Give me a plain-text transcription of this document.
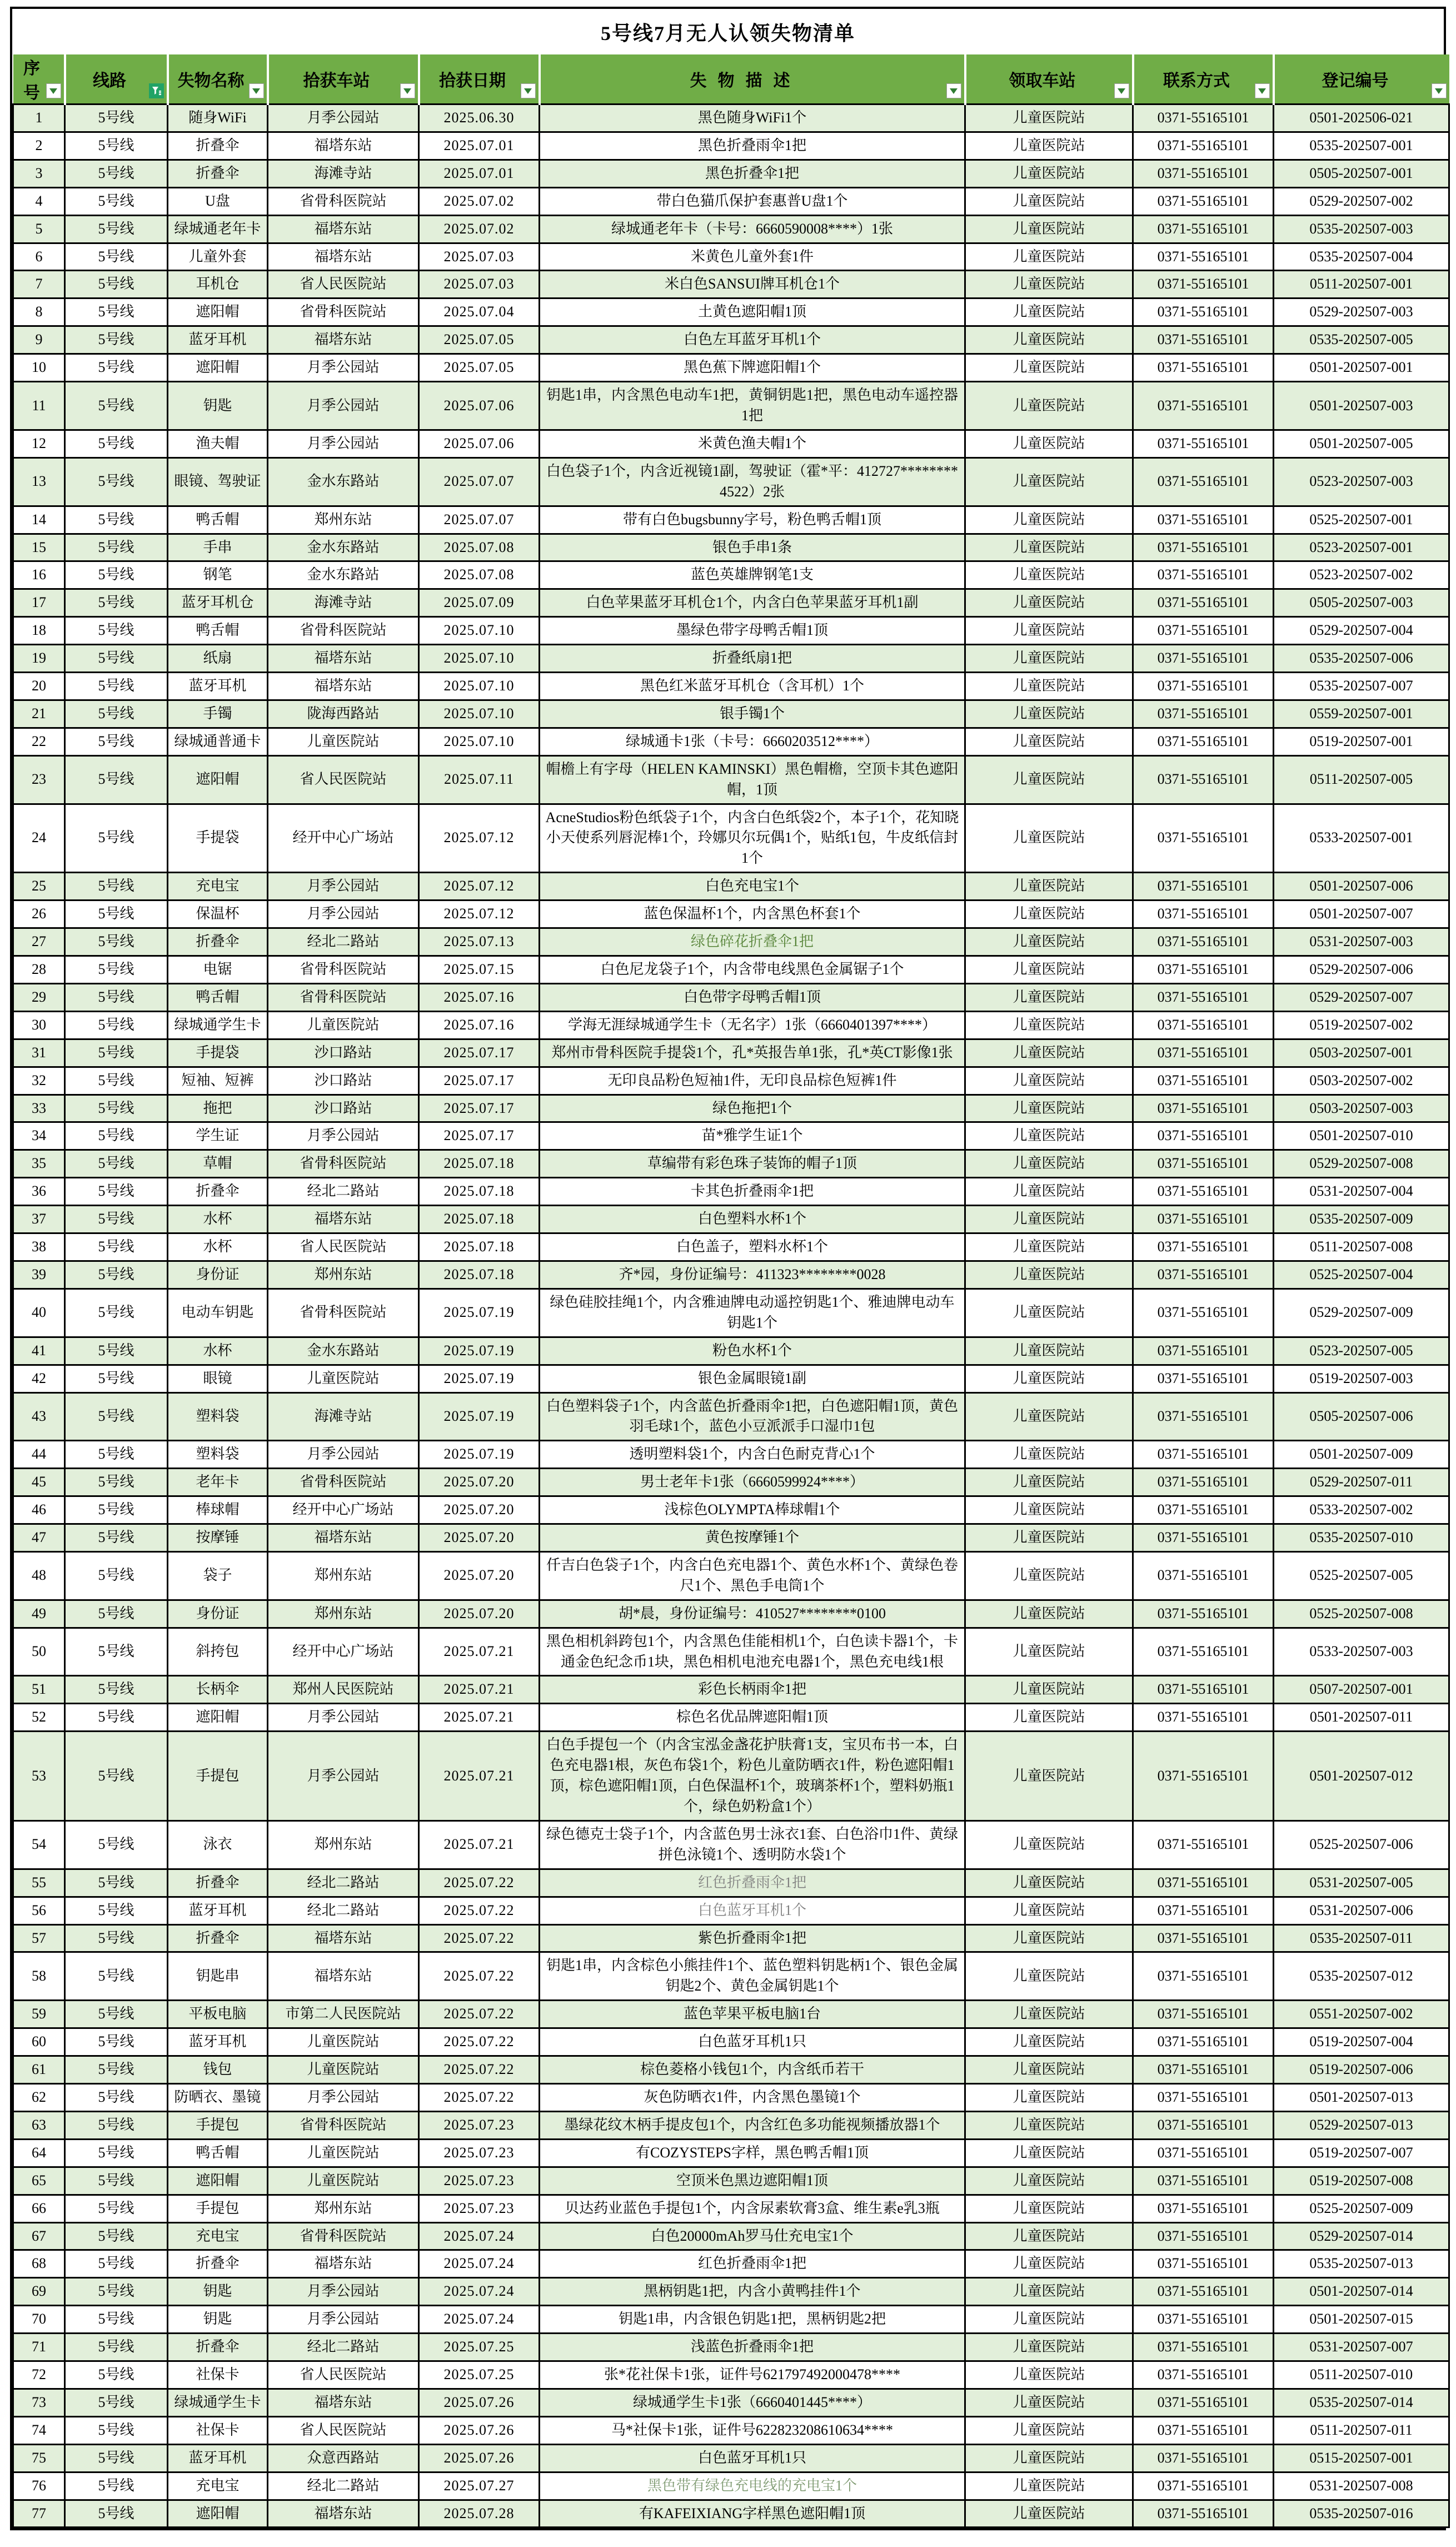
5号线7月无人认领失物清单
序号	线路	失物名称	拾获车站	拾获日期	失物描述	领取车站	联系方式	登记编号

1	5号线	随身WiFi	月季公园站	2025.06.30	黑色随身WiFi1个	儿童医院站	0371-55165101	0501-202506-021
2	5号线	折叠伞	福塔东站	2025.07.01	黑色折叠雨伞1把	儿童医院站	0371-55165101	0535-202507-001
3	5号线	折叠伞	海滩寺站	2025.07.01	黑色折叠伞1把	儿童医院站	0371-55165101	0505-202507-001
4	5号线	U盘	省骨科医院站	2025.07.02	带白色猫爪保护套惠普U盘1个	儿童医院站	0371-55165101	0529-202507-002
5	5号线	绿城通老年卡	福塔东站	2025.07.02	绿城通老年卡（卡号：6660590008****）1张	儿童医院站	0371-55165101	0535-202507-003
6	5号线	儿童外套	福塔东站	2025.07.03	米黄色儿童外套1件	儿童医院站	0371-55165101	0535-202507-004
7	5号线	耳机仓	省人民医院站	2025.07.03	米白色SANSUI牌耳机仓1个	儿童医院站	0371-55165101	0511-202507-001
8	5号线	遮阳帽	省骨科医院站	2025.07.04	土黄色遮阳帽1顶	儿童医院站	0371-55165101	0529-202507-003
9	5号线	蓝牙耳机	福塔东站	2025.07.05	白色左耳蓝牙耳机1个	儿童医院站	0371-55165101	0535-202507-005
10	5号线	遮阳帽	月季公园站	2025.07.05	黑色蕉下牌遮阳帽1个	儿童医院站	0371-55165101	0501-202507-001
11	5号线	钥匙	月季公园站	2025.07.06	钥匙1串，内含黑色电动车1把，黄铜钥匙1把，黑色电动车遥控器1把	儿童医院站	0371-55165101	0501-202507-003
12	5号线	渔夫帽	月季公园站	2025.07.06	米黄色渔夫帽1个	儿童医院站	0371-55165101	0501-202507-005
13	5号线	眼镜、驾驶证	金水东路站	2025.07.07	白色袋子1个，内含近视镜1副，驾驶证（霍*平：412727********4522）2张	儿童医院站	0371-55165101	0523-202507-003
14	5号线	鸭舌帽	郑州东站	2025.07.07	带有白色bugsbunny字号，粉色鸭舌帽1顶	儿童医院站	0371-55165101	0525-202507-001
15	5号线	手串	金水东路站	2025.07.08	银色手串1条	儿童医院站	0371-55165101	0523-202507-001
16	5号线	钢笔	金水东路站	2025.07.08	蓝色英雄牌钢笔1支	儿童医院站	0371-55165101	0523-202507-002
17	5号线	蓝牙耳机仓	海滩寺站	2025.07.09	白色苹果蓝牙耳机仓1个，内含白色苹果蓝牙耳机1副	儿童医院站	0371-55165101	0505-202507-003
18	5号线	鸭舌帽	省骨科医院站	2025.07.10	墨绿色带字母鸭舌帽1顶	儿童医院站	0371-55165101	0529-202507-004
19	5号线	纸扇	福塔东站	2025.07.10	折叠纸扇1把	儿童医院站	0371-55165101	0535-202507-006
20	5号线	蓝牙耳机	福塔东站	2025.07.10	黑色红米蓝牙耳机仓（含耳机）1个	儿童医院站	0371-55165101	0535-202507-007
21	5号线	手镯	陇海西路站	2025.07.10	银手镯1个	儿童医院站	0371-55165101	0559-202507-001
22	5号线	绿城通普通卡	儿童医院站	2025.07.10	绿城通卡1张（卡号：6660203512****）	儿童医院站	0371-55165101	0519-202507-001
23	5号线	遮阳帽	省人民医院站	2025.07.11	帽檐上有字母（HELEN KAMINSKI）黑色帽檐，空顶卡其色遮阳帽，1顶	儿童医院站	0371-55165101	0511-202507-005
24	5号线	手提袋	经开中心广场站	2025.07.12	AcneStudios粉色纸袋子1个，内含白色纸袋2个，本子1个，花知晓小天使系列唇泥棒1个，玲娜贝尔玩偶1个，贴纸1包，牛皮纸信封1个	儿童医院站	0371-55165101	0533-202507-001
25	5号线	充电宝	月季公园站	2025.07.12	白色充电宝1个	儿童医院站	0371-55165101	0501-202507-006
26	5号线	保温杯	月季公园站	2025.07.12	蓝色保温杯1个，内含黑色杯套1个	儿童医院站	0371-55165101	0501-202507-007
27	5号线	折叠伞	经北二路站	2025.07.13	绿色碎花折叠伞1把	儿童医院站	0371-55165101	0531-202507-003
28	5号线	电锯	省骨科医院站	2025.07.15	白色尼龙袋子1个，内含带电线黑色金属锯子1个	儿童医院站	0371-55165101	0529-202507-006
29	5号线	鸭舌帽	省骨科医院站	2025.07.16	白色带字母鸭舌帽1顶	儿童医院站	0371-55165101	0529-202507-007
30	5号线	绿城通学生卡	儿童医院站	2025.07.16	学海无涯绿城通学生卡（无名字）1张（6660401397****）	儿童医院站	0371-55165101	0519-202507-002
31	5号线	手提袋	沙口路站	2025.07.17	郑州市骨科医院手提袋1个，孔*英报告单1张，孔*英CT影像1张	儿童医院站	0371-55165101	0503-202507-001
32	5号线	短袖、短裤	沙口路站	2025.07.17	无印良品粉色短袖1件，无印良品棕色短裤1件	儿童医院站	0371-55165101	0503-202507-002
33	5号线	拖把	沙口路站	2025.07.17	绿色拖把1个	儿童医院站	0371-55165101	0503-202507-003
34	5号线	学生证	月季公园站	2025.07.17	苗*雅学生证1个	儿童医院站	0371-55165101	0501-202507-010
35	5号线	草帽	省骨科医院站	2025.07.18	草编带有彩色珠子装饰的帽子1顶	儿童医院站	0371-55165101	0529-202507-008
36	5号线	折叠伞	经北二路站	2025.07.18	卡其色折叠雨伞1把	儿童医院站	0371-55165101	0531-202507-004
37	5号线	水杯	福塔东站	2025.07.18	白色塑料水杯1个	儿童医院站	0371-55165101	0535-202507-009
38	5号线	水杯	省人民医院站	2025.07.18	白色盖子，塑料水杯1个	儿童医院站	0371-55165101	0511-202507-008
39	5号线	身份证	郑州东站	2025.07.18	齐*园，身份证编号：411323********0028	儿童医院站	0371-55165101	0525-202507-004
40	5号线	电动车钥匙	省骨科医院站	2025.07.19	绿色硅胶挂绳1个，内含雅迪牌电动遥控钥匙1个、雅迪牌电动车钥匙1个	儿童医院站	0371-55165101	0529-202507-009
41	5号线	水杯	金水东路站	2025.07.19	粉色水杯1个	儿童医院站	0371-55165101	0523-202507-005
42	5号线	眼镜	儿童医院站	2025.07.19	银色金属眼镜1副	儿童医院站	0371-55165101	0519-202507-003
43	5号线	塑料袋	海滩寺站	2025.07.19	白色塑料袋子1个，内含蓝色折叠雨伞1把，白色遮阳帽1顶，黄色羽毛球1个，蓝色小豆派派手口湿巾1包	儿童医院站	0371-55165101	0505-202507-006
44	5号线	塑料袋	月季公园站	2025.07.19	透明塑料袋1个，内含白色耐克背心1个	儿童医院站	0371-55165101	0501-202507-009
45	5号线	老年卡	省骨科医院站	2025.07.20	男士老年卡1张（6660599924****）	儿童医院站	0371-55165101	0529-202507-011
46	5号线	棒球帽	经开中心广场站	2025.07.20	浅棕色OLYMPTA棒球帽1个	儿童医院站	0371-55165101	0533-202507-002
47	5号线	按摩锤	福塔东站	2025.07.20	黄色按摩锤1个	儿童医院站	0371-55165101	0535-202507-010
48	5号线	袋子	郑州东站	2025.07.20	仟吉白色袋子1个，内含白色充电器1个、黄色水杯1个、黄绿色卷尺1个、黑色手电筒1个	儿童医院站	0371-55165101	0525-202507-005
49	5号线	身份证	郑州东站	2025.07.20	胡*晨，身份证编号：410527********0100	儿童医院站	0371-55165101	0525-202507-008
50	5号线	斜挎包	经开中心广场站	2025.07.21	黑色相机斜跨包1个，内含黑色佳能相机1个，白色读卡器1个，卡通金色纪念币1块，黑色相机电池充电器1个，黑色充电线1根	儿童医院站	0371-55165101	0533-202507-003
51	5号线	长柄伞	郑州人民医院站	2025.07.21	彩色长柄雨伞1把	儿童医院站	0371-55165101	0507-202507-001
52	5号线	遮阳帽	月季公园站	2025.07.21	棕色名优品牌遮阳帽1顶	儿童医院站	0371-55165101	0501-202507-011
53	5号线	手提包	月季公园站	2025.07.21	白色手提包一个（内含宝泓金盏花护肤膏1支，宝贝布书一本，白色充电器1根，灰色布袋1个，粉色儿童防晒衣1件，粉色遮阳帽1顶，棕色遮阳帽1顶，白色保温杯1个，玻璃茶杯1个，塑料奶瓶1个，绿色奶粉盒1个）	儿童医院站	0371-55165101	0501-202507-012
54	5号线	泳衣	郑州东站	2025.07.21	绿色德克士袋子1个，内含蓝色男士泳衣1套、白色浴巾1件、黄绿拼色泳镜1个、透明防水袋1个	儿童医院站	0371-55165101	0525-202507-006
55	5号线	折叠伞	经北二路站	2025.07.22	红色折叠雨伞1把	儿童医院站	0371-55165101	0531-202507-005
56	5号线	蓝牙耳机	经北二路站	2025.07.22	白色蓝牙耳机1个	儿童医院站	0371-55165101	0531-202507-006
57	5号线	折叠伞	福塔东站	2025.07.22	紫色折叠雨伞1把	儿童医院站	0371-55165101	0535-202507-011
58	5号线	钥匙串	福塔东站	2025.07.22	钥匙1串，内含棕色小熊挂件1个、蓝色塑料钥匙柄1个、银色金属钥匙2个、黄色金属钥匙1个	儿童医院站	0371-55165101	0535-202507-012
59	5号线	平板电脑	市第二人民医院站	2025.07.22	蓝色苹果平板电脑1台	儿童医院站	0371-55165101	0551-202507-002
60	5号线	蓝牙耳机	儿童医院站	2025.07.22	白色蓝牙耳机1只	儿童医院站	0371-55165101	0519-202507-004
61	5号线	钱包	儿童医院站	2025.07.22	棕色菱格小钱包1个，内含纸币若干	儿童医院站	0371-55165101	0519-202507-006
62	5号线	防晒衣、墨镜	月季公园站	2025.07.22	灰色防晒衣1件，内含黑色墨镜1个	儿童医院站	0371-55165101	0501-202507-013
63	5号线	手提包	省骨科医院站	2025.07.23	墨绿花纹木柄手提皮包1个，内含红色多功能视频播放器1个	儿童医院站	0371-55165101	0529-202507-013
64	5号线	鸭舌帽	儿童医院站	2025.07.23	有COZYSTEPS字样，黑色鸭舌帽1顶	儿童医院站	0371-55165101	0519-202507-007
65	5号线	遮阳帽	儿童医院站	2025.07.23	空顶米色黑边遮阳帽1顶	儿童医院站	0371-55165101	0519-202507-008
66	5号线	手提包	郑州东站	2025.07.23	贝达药业蓝色手提包1个，内含尿素软膏3盒、维生素e乳3瓶	儿童医院站	0371-55165101	0525-202507-009
67	5号线	充电宝	省骨科医院站	2025.07.24	白色20000mAh罗马仕充电宝1个	儿童医院站	0371-55165101	0529-202507-014
68	5号线	折叠伞	福塔东站	2025.07.24	红色折叠雨伞1把	儿童医院站	0371-55165101	0535-202507-013
69	5号线	钥匙	月季公园站	2025.07.24	黑柄钥匙1把，内含小黄鸭挂件1个	儿童医院站	0371-55165101	0501-202507-014
70	5号线	钥匙	月季公园站	2025.07.24	钥匙1串，内含银色钥匙1把，黑柄钥匙2把	儿童医院站	0371-55165101	0501-202507-015
71	5号线	折叠伞	经北二路站	2025.07.25	浅蓝色折叠雨伞1把	儿童医院站	0371-55165101	0531-202507-007
72	5号线	社保卡	省人民医院站	2025.07.25	张*花社保卡1张，证件号621797492000478****	儿童医院站	0371-55165101	0511-202507-010
73	5号线	绿城通学生卡	福塔东站	2025.07.26	绿城通学生卡1张（6660401445****）	儿童医院站	0371-55165101	0535-202507-014
74	5号线	社保卡	省人民医院站	2025.07.26	马*社保卡1张，证件号622823208610634****	儿童医院站	0371-55165101	0511-202507-011
75	5号线	蓝牙耳机	众意西路站	2025.07.26	白色蓝牙耳机1只	儿童医院站	0371-55165101	0515-202507-001
76	5号线	充电宝	经北二路站	2025.07.27	黑色带有绿色充电线的充电宝1个	儿童医院站	0371-55165101	0531-202507-008
77	5号线	遮阳帽	福塔东站	2025.07.28	有KAFEIXIANG字样黑色遮阳帽1顶	儿童医院站	0371-55165101	0535-202507-016
